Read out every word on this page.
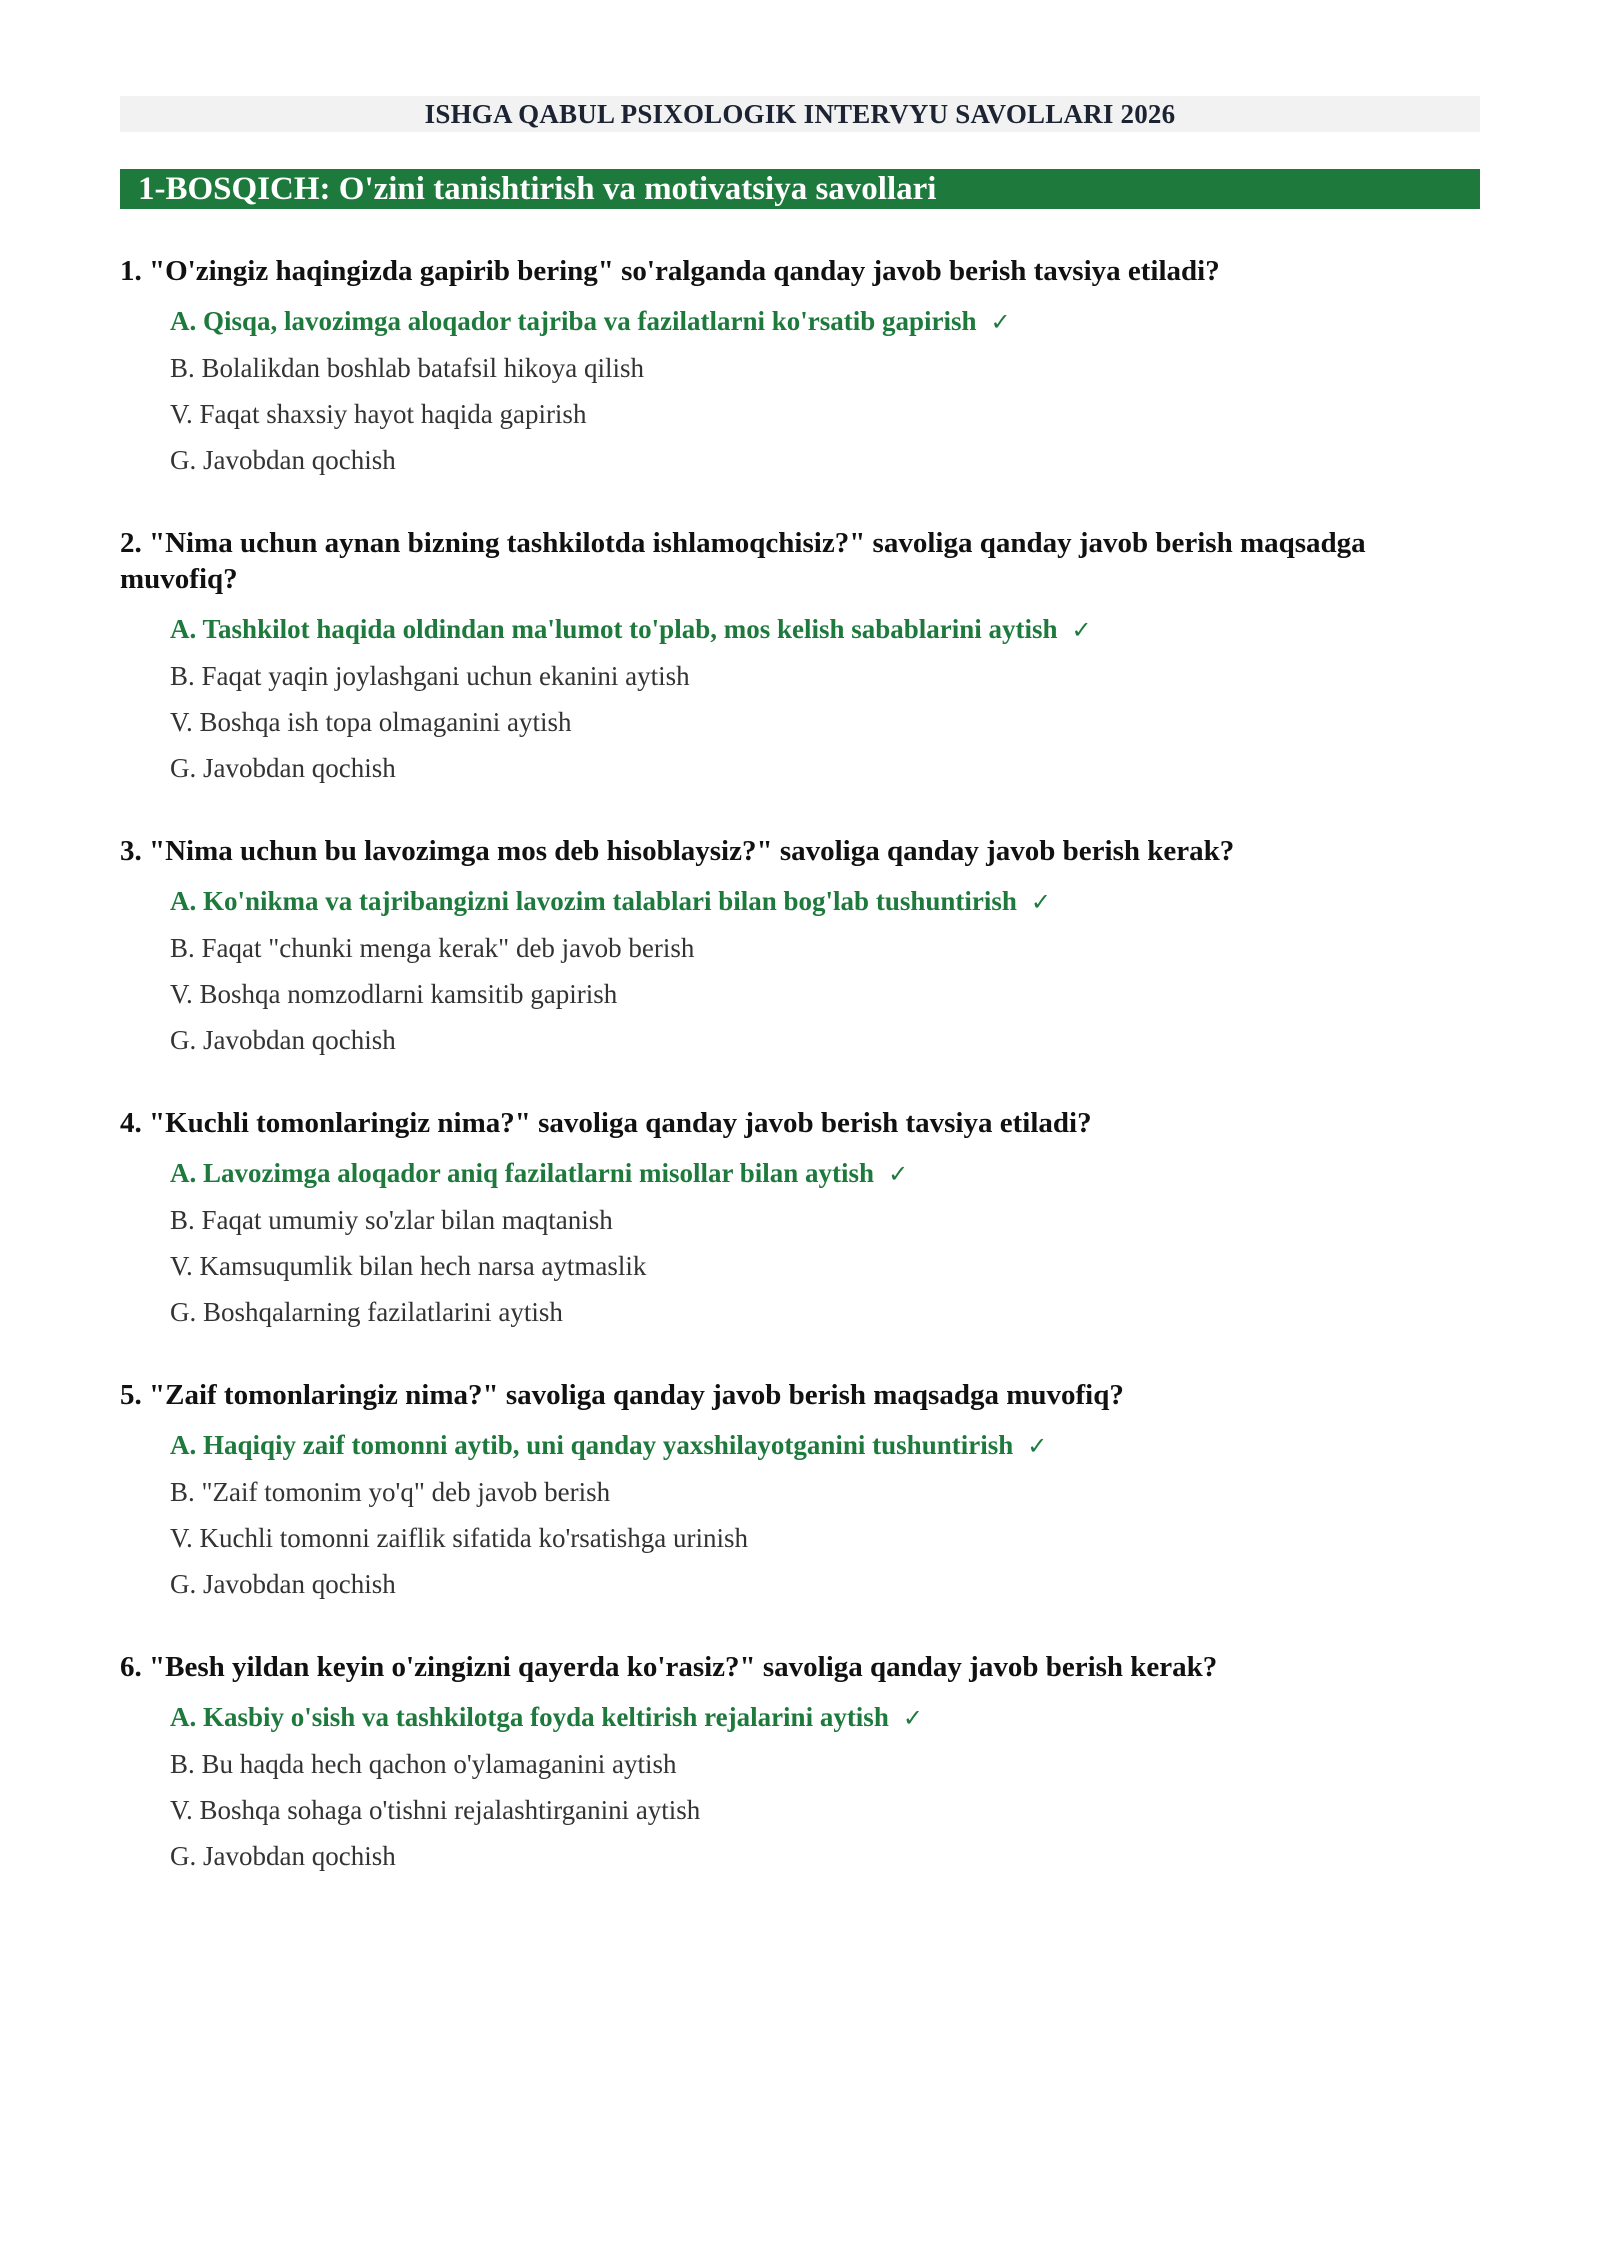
ISHGA QABUL PSIXOLOGIK INTERVYU SAVOLLARI 2026
1-BOSQICH: O'zini tanishtirish va motivatsiya savollari
1. "O'zingiz haqingizda gapirib bering" so'ralganda qanday javob berish tavsiya etiladi?
A. Qisqa, lavozimga aloqador tajriba va fazilatlarni ko'rsatib gapirish ✓
B. Bolalikdan boshlab batafsil hikoya qilish
V. Faqat shaxsiy hayot haqida gapirish
G. Javobdan qochish
2. "Nima uchun aynan bizning tashkilotda ishlamoqchisiz?" savoliga qanday javob berish maqsadga muvofiq?
A. Tashkilot haqida oldindan ma'lumot to'plab, mos kelish sabablarini aytish ✓
B. Faqat yaqin joylashgani uchun ekanini aytish
V. Boshqa ish topa olmaganini aytish
G. Javobdan qochish
3. "Nima uchun bu lavozimga mos deb hisoblaysiz?" savoliga qanday javob berish kerak?
A. Ko'nikma va tajribangizni lavozim talablari bilan bog'lab tushuntirish ✓
B. Faqat "chunki menga kerak" deb javob berish
V. Boshqa nomzodlarni kamsitib gapirish
G. Javobdan qochish
4. "Kuchli tomonlaringiz nima?" savoliga qanday javob berish tavsiya etiladi?
A. Lavozimga aloqador aniq fazilatlarni misollar bilan aytish ✓
B. Faqat umumiy so'zlar bilan maqtanish
V. Kamsuqumlik bilan hech narsa aytmaslik
G. Boshqalarning fazilatlarini aytish
5. "Zaif tomonlaringiz nima?" savoliga qanday javob berish maqsadga muvofiq?
A. Haqiqiy zaif tomonni aytib, uni qanday yaxshilayotganini tushuntirish ✓
B. "Zaif tomonim yo'q" deb javob berish
V. Kuchli tomonni zaiflik sifatida ko'rsatishga urinish
G. Javobdan qochish
6. "Besh yildan keyin o'zingizni qayerda ko'rasiz?" savoliga qanday javob berish kerak?
A. Kasbiy o'sish va tashkilotga foyda keltirish rejalarini aytish ✓
B. Bu haqda hech qachon o'ylamaganini aytish
V. Boshqa sohaga o'tishni rejalashtirganini aytish
G. Javobdan qochish
